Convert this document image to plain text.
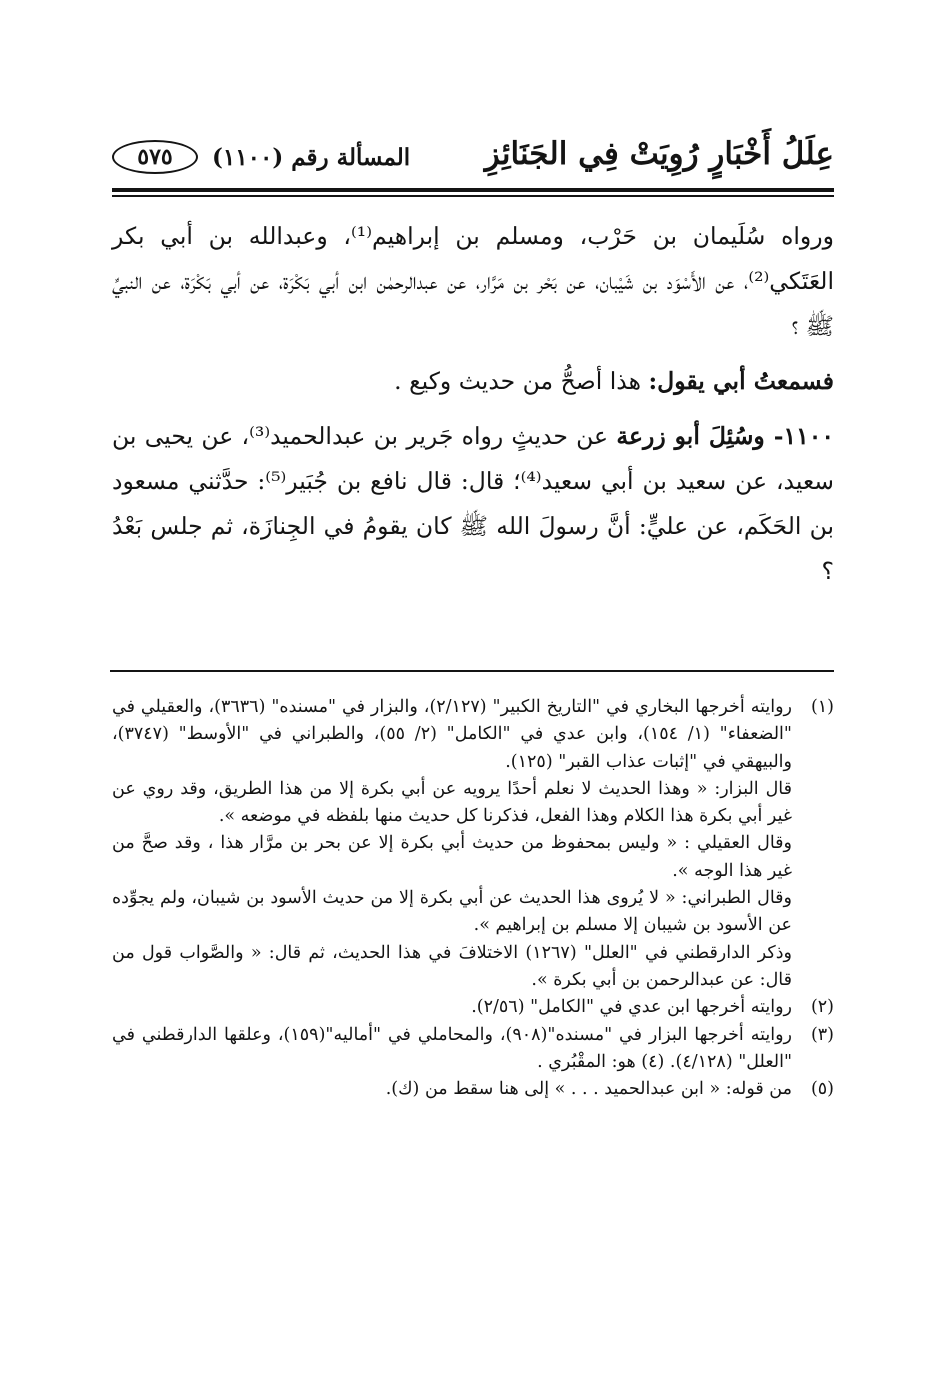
عِلَلُ أَخْبَارٍ رُوِيَتْ فِي الجَنَائِزِ
المسألة رقم (١١٠٠)
٥٧٥

ورواه سُلَيمان بن حَرْب، ومسلم بن إبراهيم⁽¹⁾، وعبدالله بن أبي بكر العَتَكي⁽²⁾، عن الأَسْوَد بن شَيْبان، عن بَحْر بن مَرَّار، عن عبدالرحمٰن ابن أبي بَكْرَة، عن أبي بَكْرَة، عن النبيِّ ﷺ ؟

فسمعتُ أبي يقول: هذا أصحُّ من حديث وكيع .

١١٠٠- وسُئِلَ أبو زرعة عن حديثٍ رواه جَرير بن عبدالحميد⁽³⁾، عن يحيى بن سعيد، عن سعيد بن أبي سعيد⁽⁴⁾؛ قال: قال نافع بن جُبَير⁽⁵⁾: حدَّثني مسعود بن الحَكَم، عن عليٍّ: أنَّ رسولَ الله ﷺ كان يقومُ في الجِنازَة، ثم جلس بَعْدُ ؟

(١)

روايته أخرجها البخاري في "التاريخ الكبير" (٢/١٢٧)، والبزار في "مسنده" (٣٦٣٦)، والعقيلي في "الضعفاء" (١/ ١٥٤)، وابن عدي في "الكامل" (٢/ ٥٥)، والطبراني في "الأوسط" (٣٧٤٧)، والبيهقي في "إثبات عذاب القبر" (١٢٥).

قال البزار: « وهذا الحديث لا نعلم أحدًا يرويه عن أبي بكرة إلا من هذا الطريق، وقد روي عن غير أبي بكرة هذا الكلام وهذا الفعل، فذكرنا كل حديث منها بلفظه في موضعه ».

وقال العقيلي : « وليس بمحفوظ من حديث أبي بكرة إلا عن بحر بن مرَّار هذا ، وقد صحَّ من غير هذا الوجه ».

وقال الطبراني: « لا يُروى هذا الحديث عن أبي بكرة إلا من حديث الأسود بن شيبان، ولم يجوِّده عن الأسود بن شيبان إلا مسلم بن إبراهيم ».

وذكر الدارقطني في "العلل" (١٢٦٧) الاختلافَ في هذا الحديث، ثم قال: « والصَّواب قول من قال: عن عبدالرحمن بن أبي بكرة ».

(٢)

روايته أخرجها ابن عدي في "الكامل" (٢/٥٦).

(٣)

روايته أخرجها البزار في "مسنده"(٩٠٨)، والمحاملي في "أماليه"(١٥٩)، وعلقها الدارقطني في "العلل" (٤/١٢٨). (٤) هو: المقْبُري .

(٥)

من قوله: « ابن عبدالحميد . . . » إلى هنا سقط من (ك).
